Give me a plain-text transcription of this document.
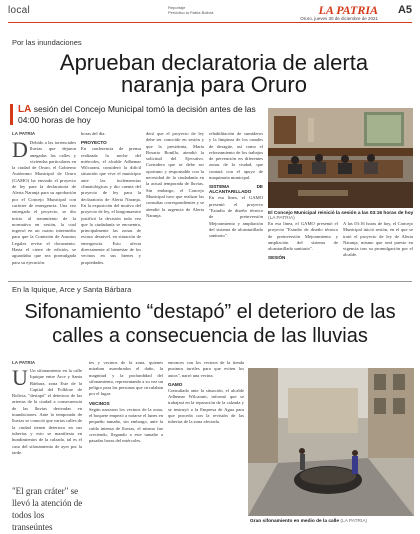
local	Reportaje
Periódico la Patria Bolivia	LA PATRIA
Oruro, jueves 30 de diciembre de 2021
A5
Por las inundaciones
Aprueban declaratoria de alerta naranja para Oruro
LA sesión del Concejo Municipal tomó la decisión antes de las 04:00 horas de hoy
LA PATRIA
D Debido a las torrenciales lluvias que dejaron anegadas las calles y viviendas particulares en la ciudad de Oruro, el Gobierno Autónomo Municipal de Oruro (GAMO) ha enviado el proyecto de ley para la declaratoria de Alerta Naranja para su aprobación por el Concejo Municipal con carácter de emergencia. Una vez entregado el proyecto, se dio inicio al tratamiento de la normativa en sesión, la cual ingresó en un cuarto intermedio para que la Comisión de Asuntos Legales revise el documento. Hasta el cierre de edición, se aguardaba que sea promulgada para su ejecución.

horas del día.

PROYECTO

En conferencia de prensa realizada la noche del miércoles, el alcalde Adhemar Wilcarani, consideró la difícil situación que vive el municipio ante las inclemencias climatológicas y dio cuenta del proyecto de ley para la declaratoria de Alerta Naranja. En la exposición del motivo del proyecto de ley, el burgomaestre justificó la decisión toda vez que la ciudadanía se encuentra, principalmente las zonas de escaso desnivel, en situación de emergencia. Esto afecta directamente al bienestar de los vecinos en sus bienes y propiedades.

deró que el proyecto de ley debe ser conocido en sesión y que la presidenta, María Rosario Bonilla, atendió la solicitud del Ejecutivo. Considera que se debe ser oportuno y responsable con la necesidad de la ciudadanía en la actual temporada de lluvias. Sin embargo, el Concejo Municipal tuvo que realizar las consultas correspondientes y se atendió la urgencia de Alerta Naranja.

rehabilitación de sumideros y la limpieza de los canales de desagüe, así como el reforzamiento de los trabajos de prevención en diferentes zonas de la ciudad, que contará con el apoyo de maquinaria municipal.

SISTEMA DE ALCANTARILLADO

En esa línea, el GAMO presentó el proyecto "Estudio de diseño técnico de preinversión Mejoramiento y ampliación del sistema de alcantarillado sanitario".

El Concejo Municipal reinició la sesión a las 03:16 horas de hoy (LA PATRIA)

En esa línea, el GAMO presentó el proyecto "Estudio de diseño técnico de preinversión Mejoramiento y ampliación del sistema de alcantarillado sanitario".

SESIÓN

A las 03:16 horas de hoy, el Concejo Municipal inició sesión, en el que se trató el proyecto de ley de Alerta Naranja, mismo que será puesto en vigencia tras su promulgación por el alcalde.

En la Iquique, Arce y Santa Bárbara
Sifonamiento “destapó” el deterioro de las calles a consecuencia de las lluvias
LA PATRIA
U Un sifonamiento en la calle Iquique entre Arce y Santa Bárbara, zona Este de la Capital del Folklore de Bolivia, "destapó" el deterioro de las arterias de la ciudad a consecuencia de las lluvias derivadas en inundaciones. Ante la temporada de lluvias se conoció que varias calles de la ciudad tienen deterioro en sus tuberías y esto se manifiesta en hundimientos de la calzada, tal es el caso del sifonamiento de ayer por la tarde.
"El gran cráter" se llevó la atención de todos los transeúntes

tes y vecinos de la zona, quienes miraban asombrados el daño, la magnitud y la profundidad del sifonamiento, representando a su vez un peligro para las personas que circulaban por el lugar.

VECINOS

Según narraron los vecinos de la zona, el boquete empezó a notarse el lunes en pequeño tamaño, sin embargo, ante la caída intensa de lluvias, el mismo fue creciendo, llegando a este tamaño a pasadas horas del miércoles.

entonces con los vecinos de la tienda pusimos turriles para que eviten los autos", narró una vecina.

GAMO

Consultado ante la situación, el alcalde Adhemar Wilcarani, informó que se trabajará en la reparación de la calzada y se instruyó a la Empresa de Agua para que proceda con la revisión de las tuberías de la zona afectada.

Gran sifonamiento en medio de la calle (LA PATRIA)
